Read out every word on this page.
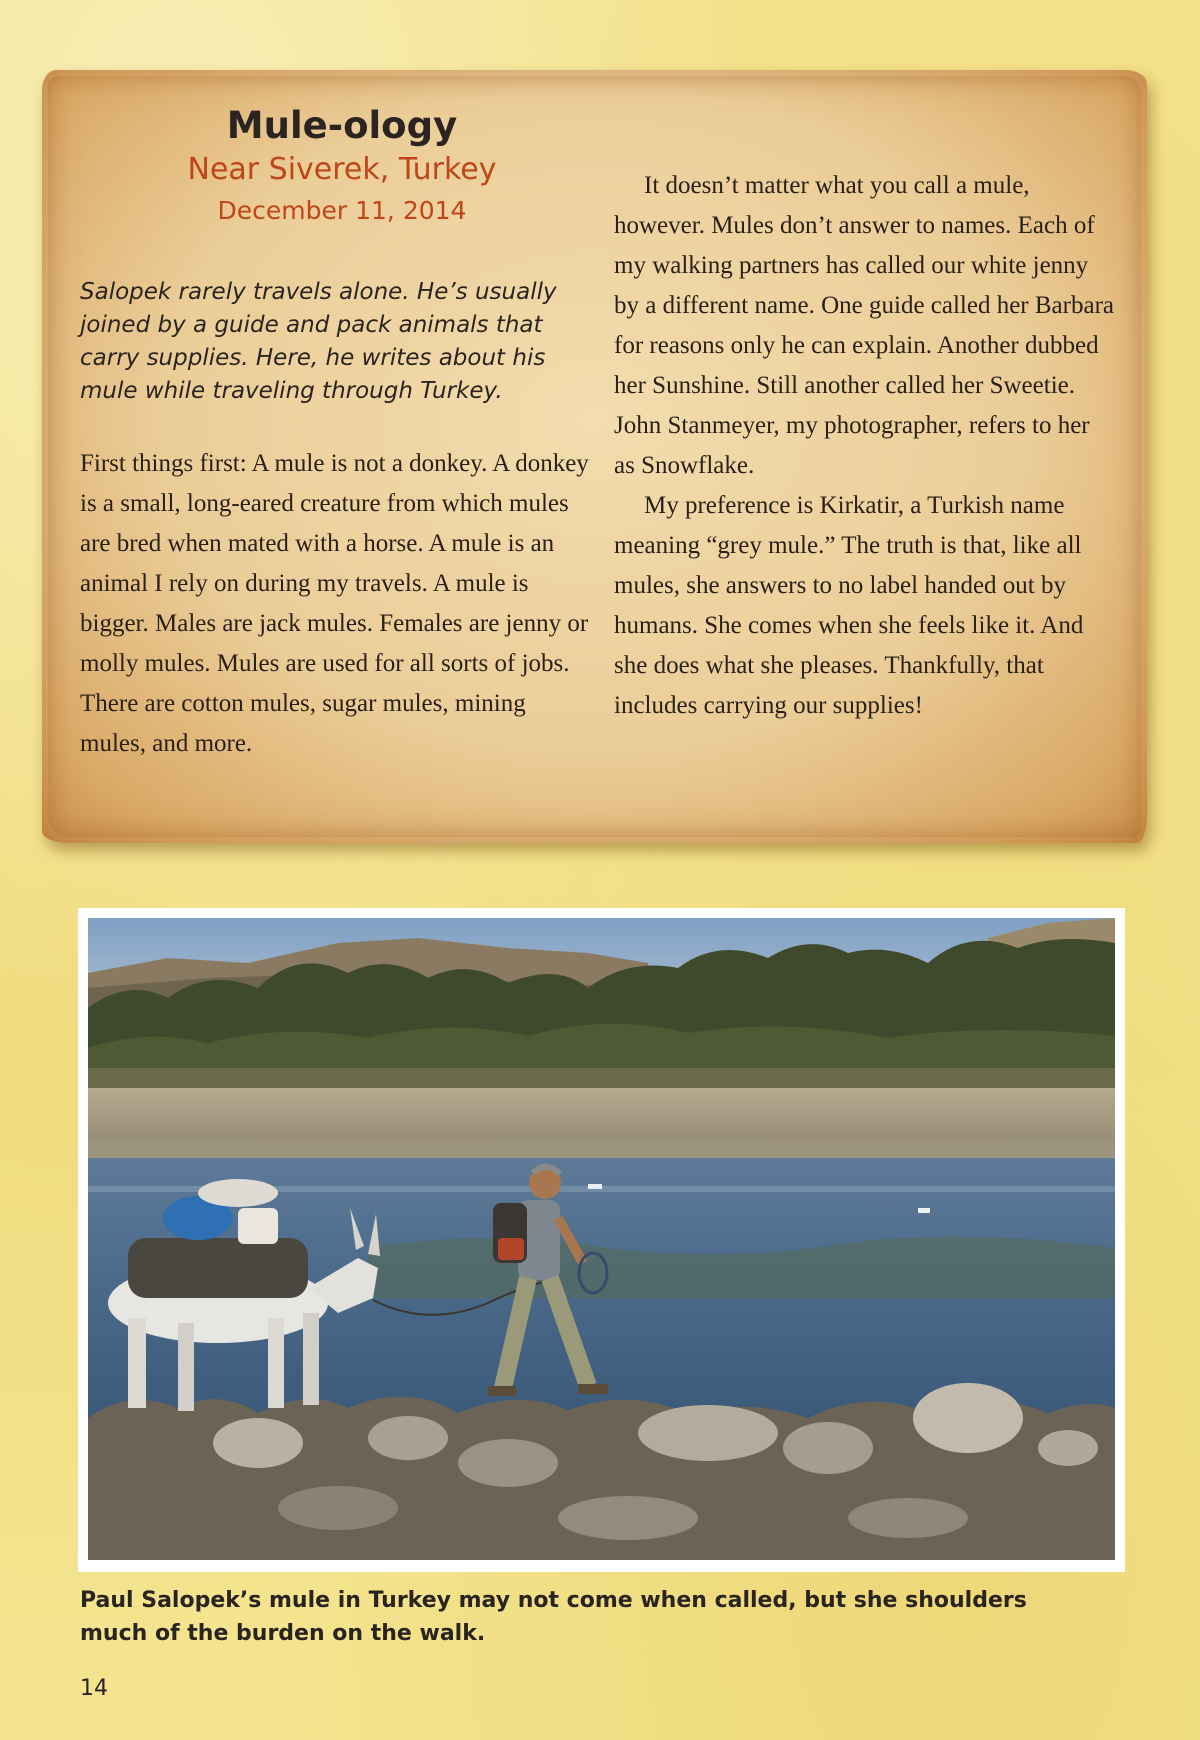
Mule-ology
Near Siverek, Turkey
December 11, 2014
Salopek rarely travels alone. He’s usually joined by a guide and pack animals that carry supplies. Here, he writes about his mule while traveling through Turkey.

First things first: A mule is not a donkey. A donkey is a small, long-eared creature from which mules are bred when mated with a horse. A mule is an animal I rely on during my travels. A mule is bigger. Males are jack mules. Females are jenny or molly mules. Mules are used for all sorts of jobs. There are cotton mules, sugar mules, mining mules, and more.

It doesn’t matter what you call a mule, however. Mules don’t answer to names. Each of my walking partners has called our white jenny by a different name. One guide called her Barbara for reasons only he can explain. Another dubbed her Sunshine. Still another called her Sweetie. John Stanmeyer, my photographer, refers to her as Snowflake.

My preference is Kirkatir, a Turkish name meaning “grey mule.” The truth is that, like all mules, she answers to no label handed out by humans. She comes when she feels like it. And she does what she pleases. Thankfully, that includes carrying our supplies!

Paul Salopek’s mule in Turkey may not come when called, but she shoulders much of the burden on the walk.
14
